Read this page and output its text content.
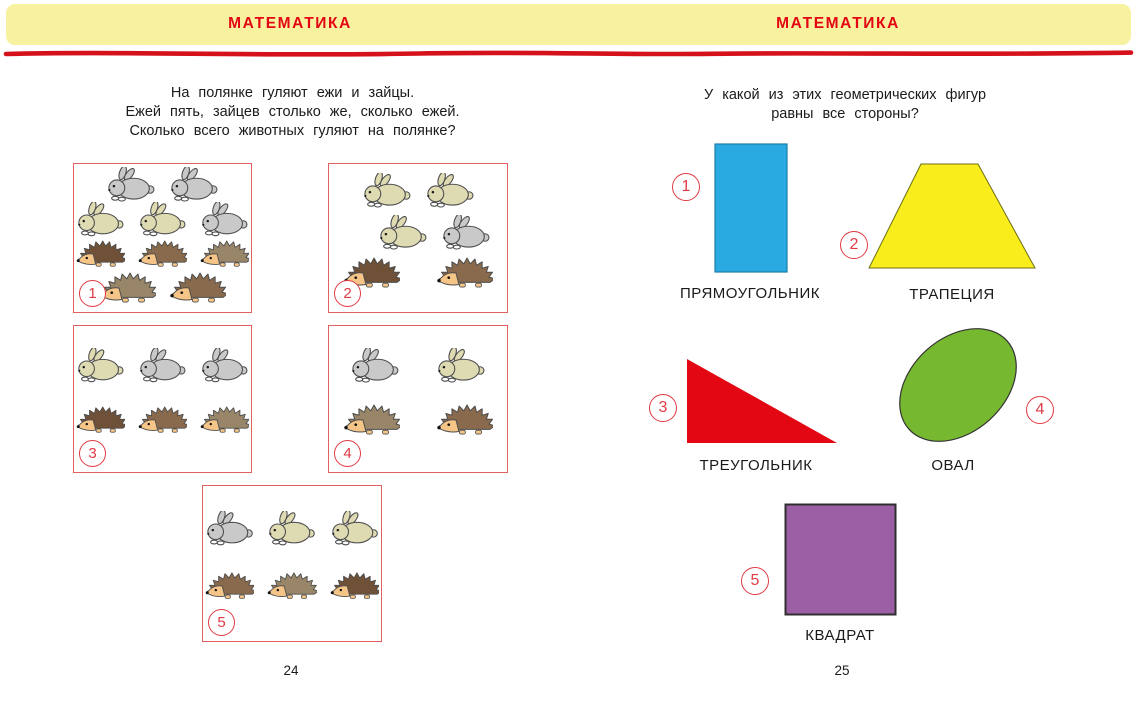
МАТЕМАТИКА	МАТЕМАТИКА
На полянке гуляют ежи и зайцы.
Ежей пять, зайцев столько же, сколько ежей.
Сколько всего животных гуляют на полянке?
У какой из этих геометрических фигур
равны все стороны?
1	2
3	4
5
1
ПРЯМОУГОЛЬНИК
2
ТРАПЕЦИЯ
3
ТРЕУГОЛЬНИК
4
ОВАЛ
5
КВАДРАТ
24	25
